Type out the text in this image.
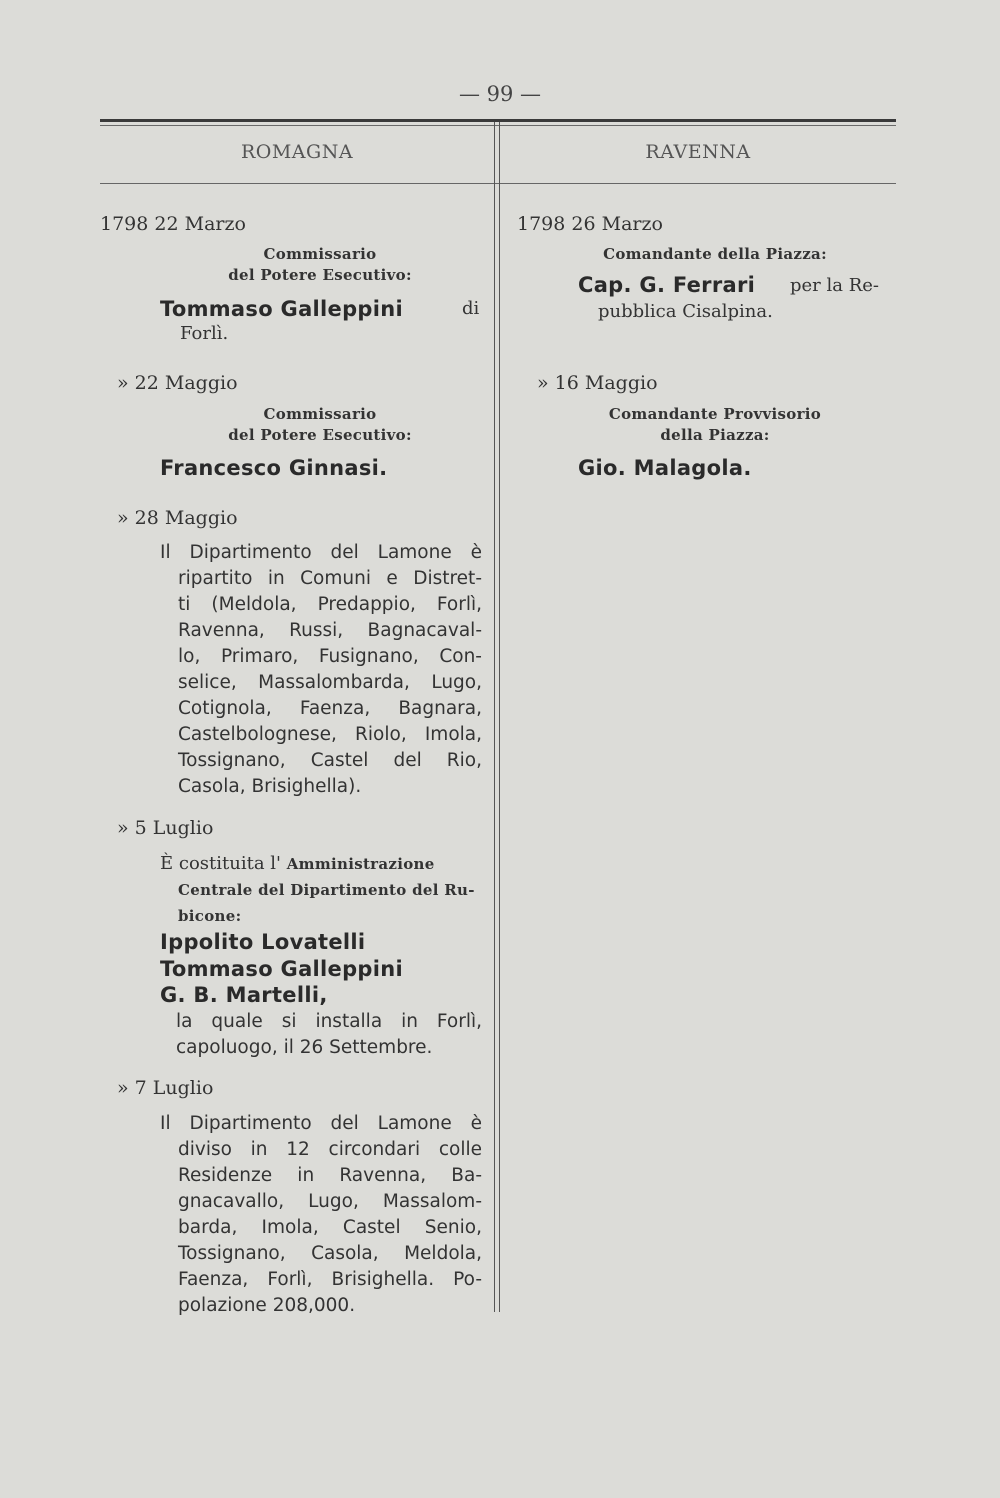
— 99 —
ROMAGNA	RAVENNA
1798 22 Marzo
Commissario
del Potere Esecutivo:
Tommaso Galleppini	di
Forlì.
» 22 Maggio
Commissario
del Potere Esecutivo:
Francesco Ginnasi.
» 28 Maggio
Il Dipartimento del Lamone è
ripartito in Comuni e Distret-
ti (Meldola, Predappio, Forlì,
Ravenna, Russi, Bagnacaval-
lo, Primaro, Fusignano, Con-
selice, Massalombarda, Lugo,
Cotignola, Faenza, Bagnara,
Castelbolognese, Riolo, Imola,
Tossignano, Castel del Rio,
Casola, Brisighella).
» 5 Luglio
È costituita l' Amministrazione
Centrale del Dipartimento del Ru-
bicone:
Ippolito Lovatelli
Tommaso Galleppini
G. B. Martelli,
la quale si installa in Forlì,
capoluogo, il 26 Settembre.
» 7 Luglio
Il Dipartimento del Lamone è
diviso in 12 circondari colle
Residenze in Ravenna, Ba-
gnacavallo, Lugo, Massalom-
barda, Imola, Castel Senio,
Tossignano, Casola, Meldola,
Faenza, Forlì, Brisighella. Po-
polazione 208,000.
1798 26 Marzo
Comandante della Piazza:
Cap. G. Ferrari per la Re-
pubblica Cisalpina.
» 16 Maggio
Comandante Provvisorio
della Piazza:
Gio. Malagola.
